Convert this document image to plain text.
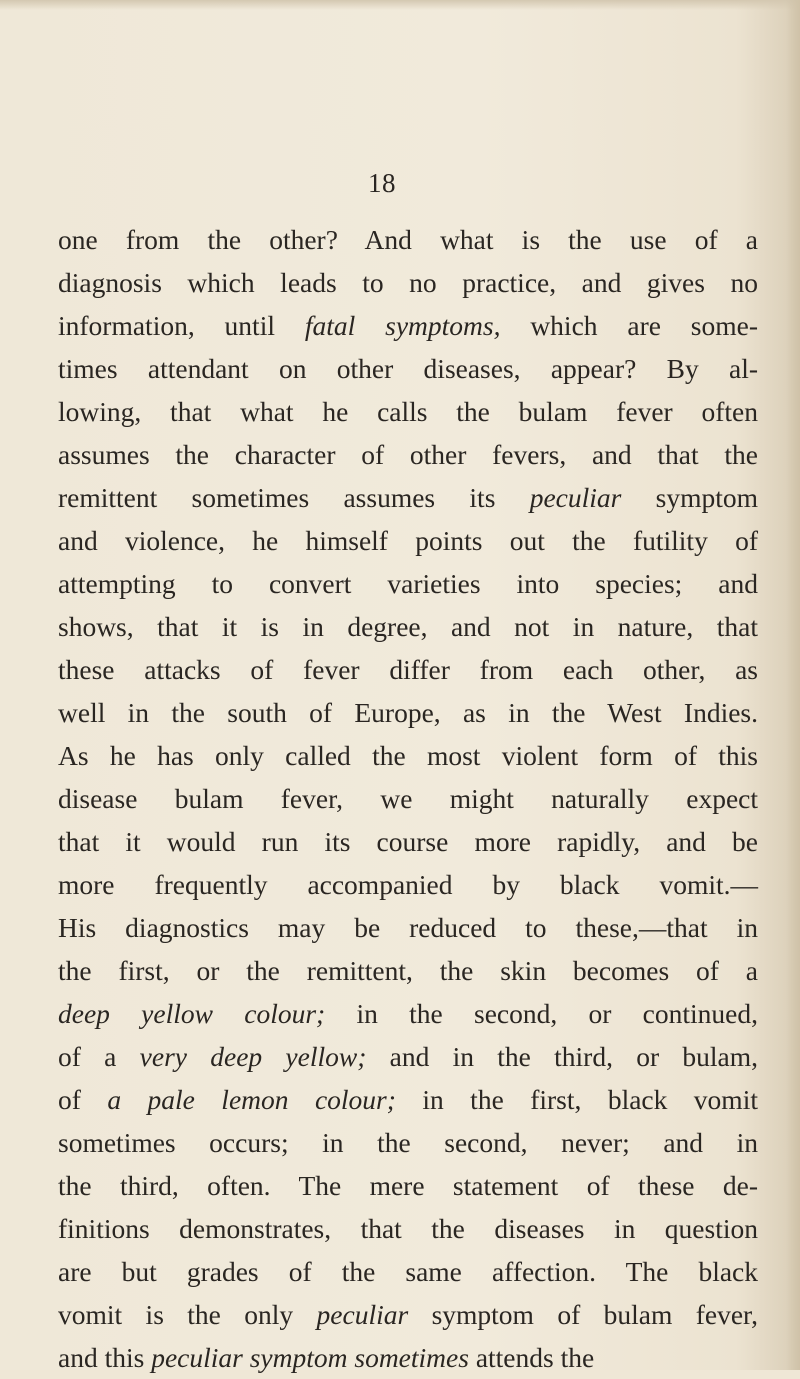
18
one from the other? And what is the use of a
diagnosis which leads to no practice, and gives no
information, until fatal symptoms, which are some-
times attendant on other diseases, appear? By al-
lowing, that what he calls the bulam fever often
assumes the character of other fevers, and that the
remittent sometimes assumes its peculiar symptom
and violence, he himself points out the futility of
attempting to convert varieties into species; and
shows, that it is in degree, and not in nature, that
these attacks of fever differ from each other, as
well in the south of Europe, as in the West Indies.
As he has only called the most violent form of this
disease bulam fever, we might naturally expect
that it would run its course more rapidly, and be
more frequently accompanied by black vomit.—
His diagnostics may be reduced to these,—that in
the first, or the remittent, the skin becomes of a
deep yellow colour; in the second, or continued,
of a very deep yellow; and in the third, or bulam,
of a pale lemon colour; in the first, black vomit
sometimes occurs; in the second, never; and in
the third, often. The mere statement of these de-
finitions demonstrates, that the diseases in question
are but grades of the same affection. The black
vomit is the only peculiar symptom of bulam fever,
and this peculiar symptom sometimes attends the
